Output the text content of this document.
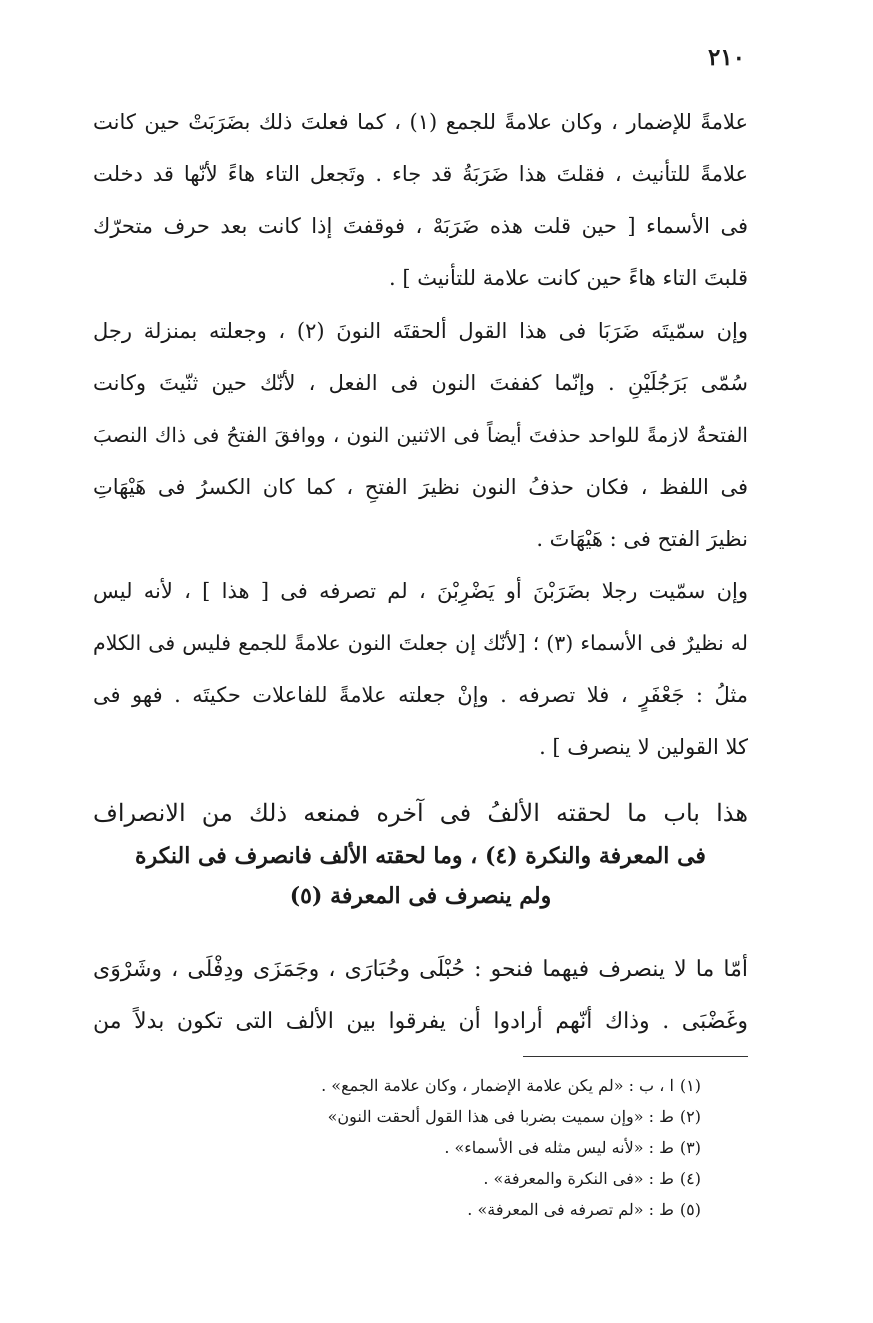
٢١٠
علامةً للإضمار ، وكان علامةً للجمع (١) ، كما فعلتَ ذلك بضَرَبَتْ حين كانت
علامةً للتأنيث ، فقلتَ هذا ضَرَبَةُ قد جاء . وتَجعل التاء هاءً لأنّها قد دخلت
فى الأسماء [ حين قلت هذه ضَرَبَهْ ، فوقفتَ إذا كانت بعد حرف متحرّك
قلبتَ التاء هاءً حين كانت علامة للتأنيث ] .
وإن سمّيتَه ضَرَبَا فى هذا القول ألحقتَه النونَ (٢) ، وجعلته بمنزلة رجل
سُمّى بَرَجُلَيْنِ . وإنّما كففتَ النون فى الفعل ، لأنّك حين ثنّيتَ وكانت
الفتحةُ لازمةً للواحد حذفتَ أيضاً فى الاثنين النون ، ووافقَ الفتحُ فى ذاك النصبَ
فى اللفظ ، فكان حذفُ النون نظيرَ الفتحِ ، كما كان الكسرُ فى هَيْهَاتِ
نظيرَ الفتح فى : هَيْهَاتَ .
وإن سمّيت رجلا بضَرَبْنَ أو يَضْرِبْنَ ، لم تصرفه فى [ هذا ] ، لأنه ليس
له نظيرٌ فى الأسماء (٣) ؛ [لأنّك إن جعلتَ النون علامةً للجمع فليس فى الكلام
مثلُ : جَعْفَرٍ ، فلا تصرفه . وإنْ جعلته علامةً للفاعلات حكيتَه . فهو فى
كلا القولين لا ينصرف ] .
هذا باب ما لحقته الألفُ فى آخره فمنعه ذلك من الانصراف
فى المعرفة والنكرة (٤) ، وما لحقته الألف فانصرف فى النكرة
ولم ينصرف فى المعرفة (٥)
أمّا ما لا ينصرف فيهما فنحو : حُبْلَى وحُبَارَى ، وجَمَزَى ودِفْلَى ، وشَرْوَى
وغَضْبَى . وذاك أنّهم أرادوا أن يفرقوا بين الألف التى تكون بدلاً من
(١)ا ، ب : «لم يكن علامة الإضمار ، وكان علامة الجمع» .
(٢)ط : «وإن سميت بضربا فى هذا القول ألحقت النون»
(٣)ط : «لأنه ليس مثله فى الأسماء» .
(٤)ط : «فى النكرة والمعرفة» .
(٥)ط : «لم تصرفه فى المعرفة» .
